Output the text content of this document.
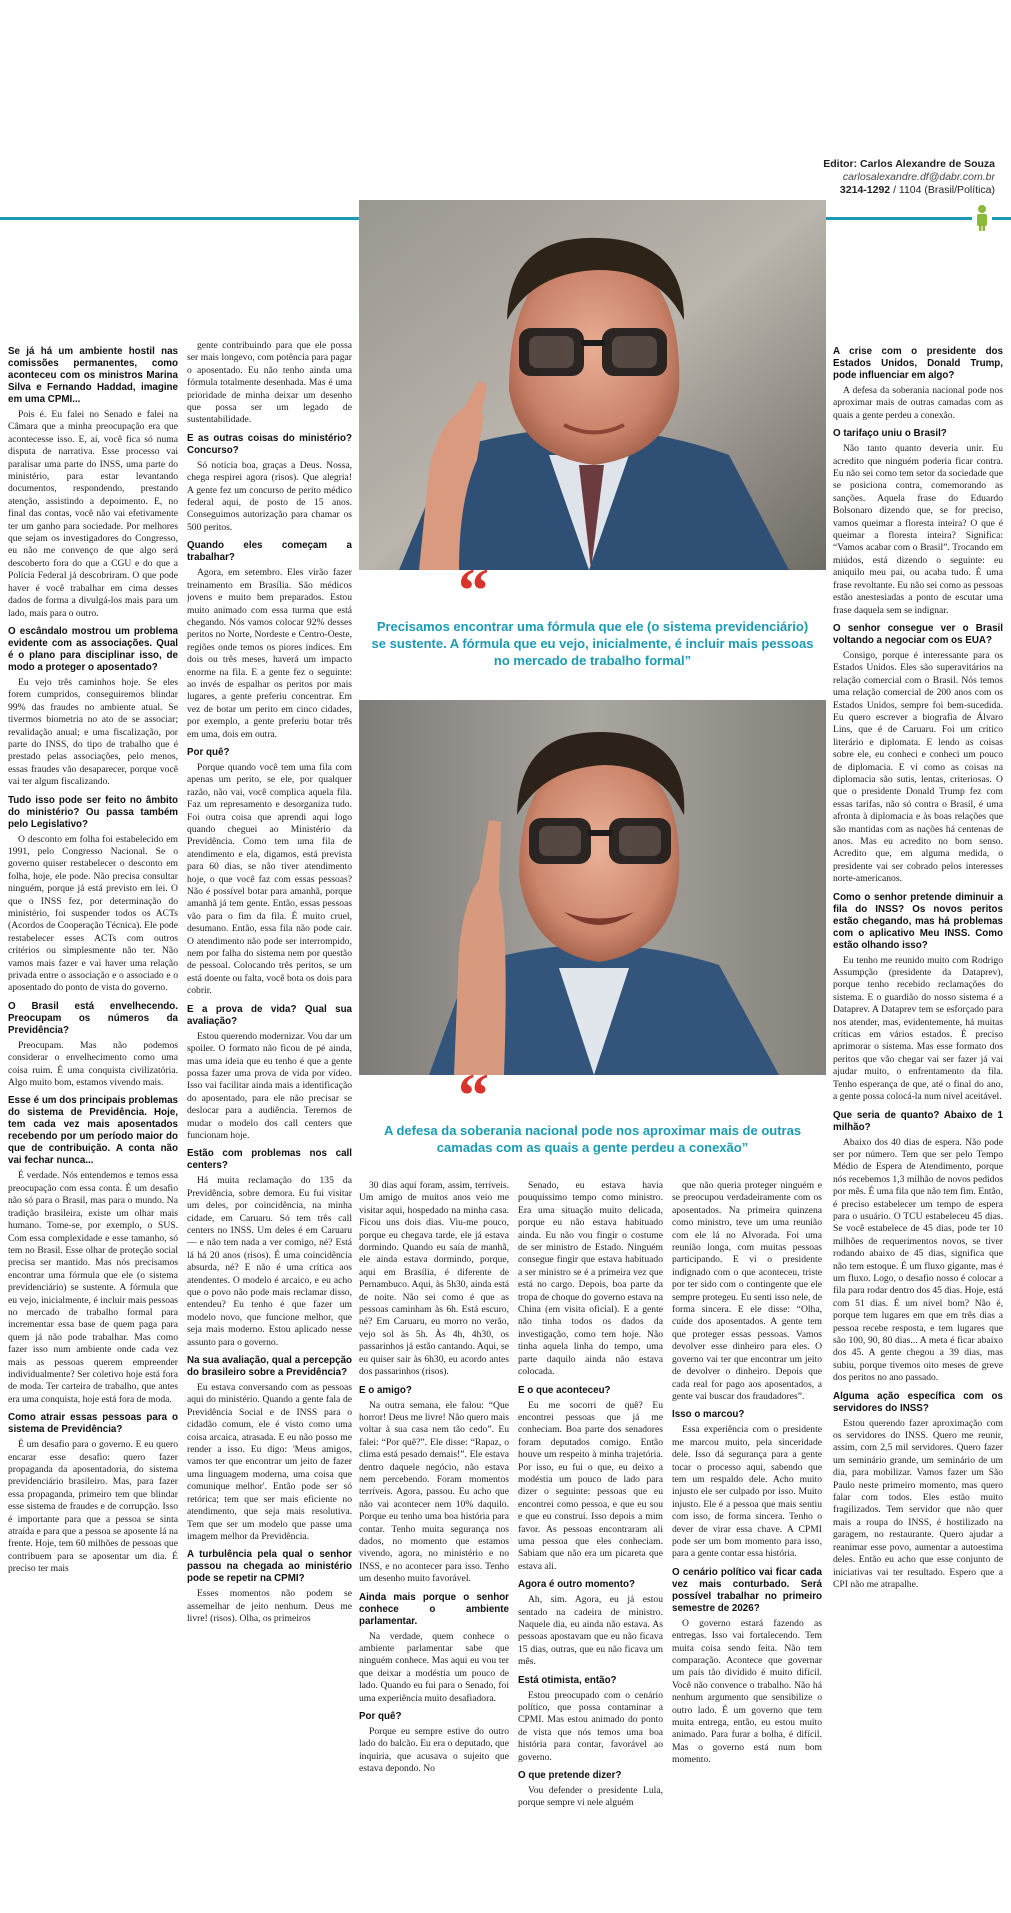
Editor: Carlos Alexandre de Souza
carlosalexandre.df@dabr.com.br
3214-1292 / 1104 (Brasil/Política)
“
Precisamos encontrar uma fórmula que ele (o sistema previdenciário) se sustente. A fórmula que eu vejo, inicialmente, é incluir mais pessoas no mercado de trabalho formal”
“
A defesa da soberania nacional pode nos aproximar mais de outras camadas com as quais a gente perdeu a conexão”
Se já há um ambiente hostil nas comissões permanentes, como aconteceu com os ministros Marina Silva e Fernando Haddad, imagine em uma CPMI...

Pois é. Eu falei no Senado e falei na Câmara que a minha preocupação era que acontecesse isso. E, aí, você fica só numa disputa de narrativa. Esse processo vai paralisar uma parte do INSS, uma parte do ministério, para estar levantando documentos, respondendo, prestando atenção, assistindo a depoimento. E, no final das contas, você não vai efetivamente ter um ganho para sociedade. Por melhores que sejam os investigadores do Congresso, eu não me convenço de que algo será descoberto fora do que a CGU e do que a Polícia Federal já descobriram. O que pode haver é você trabalhar em cima desses dados de forma a divulgá-los mais para um lado, mais para o outro.

O escândalo mostrou um problema evidente com as associações. Qual é o plano para disciplinar isso, de modo a proteger o aposentado?

Eu vejo três caminhos hoje. Se eles forem cumpridos, conseguiremos blindar 99% das fraudes no ambiente atual. Se tivermos biometria no ato de se associar; revalidação anual; e uma fiscalização, por parte do INSS, do tipo de trabalho que é prestado pelas associações, pelo menos, essas fraudes vão desaparecer, porque você vai ter algum fiscalizando.

Tudo isso pode ser feito no âmbito do ministério? Ou passa também pelo Legislativo?

O desconto em folha foi estabelecido em 1991, pelo Congresso Nacional. Se o governo quiser restabelecer o desconto em folha, hoje, ele pode. Não precisa consultar ninguém, porque já está previsto em lei. O que o INSS fez, por determinação do ministério, foi suspender todos os ACTs (Acordos de Cooperação Técnica). Ele pode restabelecer esses ACTs com outros critérios ou simplesmente não ter. Não vamos mais fazer e vai haver uma relação privada entre o associação e o associado e o aposentado do ponto de vista do governo.

O Brasil está envelhecendo. Preocupam os números da Previdência?

Preocupam. Mas não podemos considerar o envelhecimento como uma coisa ruim. É uma conquista civilizatória. Algo muito bom, estamos vivendo mais.

Esse é um dos principais problemas do sistema de Previdência. Hoje, tem cada vez mais aposentados recebendo por um período maior do que de contribuição. A conta não vai fechar nunca...

É verdade. Nós entendemos e temos essa preocupação com essa conta. É um desafio não só para o Brasil, mas para o mundo. Na tradição brasileira, existe um olhar mais humano. Tome-se, por exemplo, o SUS. Com essa complexidade e esse tamanho, só tem no Brasil. Esse olhar de proteção social precisa ser mantido. Mas nós precisamos encontrar uma fórmula que ele (o sistema previdenciário) se sustente. A fórmula que eu vejo, inicialmente, é incluir mais pessoas no mercado de trabalho formal para incrementar essa base de quem paga para quem já não pode trabalhar. Mas como fazer isso num ambiente onde cada vez mais as pessoas querem empreender individualmente? Ser coletivo hoje está fora de moda. Ter carteira de trabalho, que antes era uma conquista, hoje está fora de moda.

Como atrair essas pessoas para o sistema de Previdência?

É um desafio para o governo. E eu quero encarar esse desafio: quero fazer propaganda da aposentadoria, do sistema previdenciário brasileiro. Mas, para fazer essa propaganda, primeiro tem que blindar esse sistema de fraudes e de corrupção. Isso é importante para que a pessoa se sinta atraída e para que a pessoa se aposente lá na frente. Hoje, tem 60 milhões de pessoas que contribuem para se aposentar um dia. É preciso ter mais

gente contribuindo para que ele possa ser mais longevo, com potência para pagar o aposentado. Eu não tenho ainda uma fórmula totalmente desenhada. Mas é uma prioridade de minha deixar um desenho que possa ser um legado de sustentabilidade.

E as outras coisas do ministério? Concurso?

Só notícia boa, graças a Deus. Nossa, chega respirei agora (risos). Que alegria! A gente fez um concurso de perito médico federal aqui, de posto de 15 anos. Conseguimos autorização para chamar os 500 peritos.

Quando eles começam a trabalhar?

Agora, em setembro. Eles virão fazer treinamento em Brasília. São médicos jovens e muito bem preparados. Estou muito animado com essa turma que está chegando. Nós vamos colocar 92% desses peritos no Norte, Nordeste e Centro-Oeste, regiões onde temos os piores índices. Em dois ou três meses, haverá um impacto enorme na fila. E a gente fez o seguinte: ao invés de espalhar os peritos por mais lugares, a gente preferiu concentrar. Em vez de botar um perito em cinco cidades, por exemplo, a gente preferiu botar três em uma, dois em outra.

Por quê?

Porque quando você tem uma fila com apenas um perito, se ele, por qualquer razão, não vai, você complica aquela fila. Faz um represamento e desorganiza tudo. Foi outra coisa que aprendi aqui logo quando cheguei ao Ministério da Previdência. Como tem uma fila de atendimento e ela, digamos, está prevista para 60 dias, se não tiver atendimento hoje, o que você faz com essas pessoas? Não é possível botar para amanhã, porque amanhã já tem gente. Então, essas pessoas vão para o fim da fila. É muito cruel, desumano. Então, essa fila não pode cair. O atendimento não pode ser interrompido, nem por falha do sistema nem por questão de pessoal. Colocando três peritos, se um está doente ou falta, você bota os dois para cobrir.

E a prova de vida? Qual sua avaliação?

Estou querendo modernizar. Vou dar um spoiler. O formato não ficou de pé ainda, mas uma ideia que eu tenho é que a gente possa fazer uma prova de vida por vídeo. Isso vai facilitar ainda mais a identificação do aposentado, para ele não precisar se deslocar para a audiência. Teremos de mudar o modelo dos call centers que funcionam hoje.

Estão com problemas nos call centers?

Há muita reclamação do 135 da Previdência, sobre demora. Eu fui visitar um deles, por coincidência, na minha cidade, em Caruaru. Só tem três call centers no INSS. Um deles é em Caruaru — e não tem nada a ver comigo, né? Está lá há 20 anos (risos). É uma coincidência absurda, né? E não é uma crítica aos atendentes. O modelo é arcaico, e eu acho que o povo não pode mais reclamar disso, entendeu? Eu tenho é que fazer um modelo novo, que funcione melhor, que seja mais moderno. Estou aplicado nesse assunto para o governo.

Na sua avaliação, qual a percepção do brasileiro sobre a Previdência?

Eu estava conversando com as pessoas aqui do ministério. Quando a gente fala de Previdência Social e de INSS para o cidadão comum, ele é visto como uma coisa arcaica, atrasada. E eu não posso me render a isso. Eu digo: 'Meus amigos, vamos ter que encontrar um jeito de fazer uma linguagem moderna, uma coisa que comunique melhor'. Então pode ser só retórica; tem que ser mais eficiente no atendimento, que seja mais resolutiva. Tem que ser um modelo que passe uma imagem melhor da Previdência.

A turbulência pela qual o senhor passou na chegada ao ministério pode se repetir na CPMI?

Esses momentos não podem se assemelhar de jeito nenhum. Deus me livre! (risos). Olha, os primeiros

30 dias aqui foram, assim, terríveis. Um amigo de muitos anos veio me visitar aqui, hospedado na minha casa. Ficou uns dois dias. Viu-me pouco, porque eu chegava tarde, ele já estava dormindo. Quando eu saía de manhã, ele ainda estava dormindo, porque, aqui em Brasília, é diferente de Pernambuco. Aqui, às 5h30, ainda está de noite. Não sei como é que as pessoas caminham às 6h. Está escuro, né? Em Caruaru, eu morro no verão, vejo sol às 5h. Às 4h, 4h30, os passarinhos já estão cantando. Aqui, se eu quiser sair às 6h30, eu acordo antes dos passarinhos (risos).

E o amigo?

Na outra semana, ele falou: “Que horror! Deus me livre! Não quero mais voltar à sua casa nem tão cedo”. Eu falei: “Por quê?”. Ele disse: “Rapaz, o clima está pesado demais!”. Ele estava dentro daquele negócio, não estava nem percebendo. Foram momentos terríveis. Agora, passou. Eu acho que não vai acontecer nem 10% daquilo. Porque eu tenho uma boa história para contar. Tenho muita segurança nos dados, no momento que estamos vivendo, agora, no ministério e no INSS, e no acontecer para isso. Tenho um desenho muito favorável.

Ainda mais porque o senhor conhece o ambiente parlamentar.

Na verdade, quem conhece o ambiente parlamentar sabe que ninguém conhece. Mas aqui eu vou ter que deixar a modéstia um pouco de lado. Quando eu fui para o Senado, foi uma experiência muito desafiadora.

Por quê?

Porque eu sempre estive do outro lado do balcão. Eu era o deputado, que inquiria, que acusava o sujeito que estava depondo. No

Senado, eu estava havia pouquíssimo tempo como ministro. Era uma situação muito delicada, porque eu não estava habituado ainda. Eu não vou fingir o costume de ser ministro de Estado. Ninguém consegue fingir que estava habituado a ser ministro se é a primeira vez que está no cargo. Depois, boa parte da tropa de choque do governo estava na China (em visita oficial). E a gente não tinha todos os dados da investigação, como tem hoje. Não tinha aquela linha do tempo, uma parte daquilo ainda não estava colocada.

E o que aconteceu?

Eu me socorri de quê? Eu encontrei pessoas que já me conheciam. Boa parte dos senadores foram deputados comigo. Então houve um respeito à minha trajetória. Por isso, eu fui o que, eu deixo a modéstia um pouco de lado para dizer o seguinte: pessoas que eu encontrei como pessoa, e que eu sou e que eu construí. Isso depois a mim favor. As pessoas encontraram ali uma pessoa que eles conheciam. Sabiam que não era um picareta que estava ali.

Agora é outro momento?

Ah, sim. Agora, eu já estou sentado na cadeira de ministro. Naquele dia, eu ainda não estava. As pessoas apostavam que eu não ficava 15 dias, outras, que eu não ficava um mês.

Está otimista, então?

Estou preocupado com o cenário político, que possa contaminar a CPMI. Mas estou animado do ponto de vista que nós temos uma boa história para contar, favorável ao governo.

O que pretende dizer?

Vou defender o presidente Lula, porque sempre vi nele alguém

que não queria proteger ninguém e se preocupou verdadeiramente com os aposentados. Na primeira quinzena como ministro, teve um uma reunião com ele lá no Alvorada. Foi uma reunião longa, com muitas pessoas participando. E vi o presidente indignado com o que aconteceu, triste por ter sido com o contingente que ele sempre protegeu. Eu senti isso nele, de forma sincera. E ele disse: “Olha, cuide dos aposentados. A gente tem que proteger essas pessoas. Vamos devolver esse dinheiro para eles. O governo vai ter que encontrar um jeito de devolver o dinheiro. Depois que cada real for pago aos aposentados, a gente vai buscar dos fraudadores”.

Isso o marcou?

Essa experiência com o presidente me marcou muito, pela sinceridade dele. Isso dá segurança para a gente tocar o processo aqui, sabendo que tem um respaldo dele. Acho muito injusto ele ser culpado por isso. Muito injusto. Ele é a pessoa que mais sentiu com isso, de forma sincera. Tenho o dever de virar essa chave. A CPMI pode ser um bom momento para isso, para a gente contar essa história.

O cenário político vai ficar cada vez mais conturbado. Será possível trabalhar no primeiro semestre de 2026?

O governo estará fazendo as entregas. Isso vai fortalecendo. Tem muita coisa sendo feita. Não tem comparação. Acontece que governar um país tão dividido é muito difícil. Você não convence o trabalho. Não há nenhum argumento que sensibilize o outro lado. É um governo que tem muita entrega, então, eu estou muito animado. Para furar a bolha, é difícil. Mas o governo está num bom momento.

A crise com o presidente dos Estados Unidos, Donald Trump, pode influenciar em algo?

A defesa da soberania nacional pode nos aproximar mais de outras camadas com as quais a gente perdeu a conexão.

O tarifaço uniu o Brasil?

Não tanto quanto deveria unir. Eu acredito que ninguém poderia ficar contra. Eu não sei como tem setor da sociedade que se posiciona contra, comemorando as sanções. Aquela frase do Eduardo Bolsonaro dizendo que, se for preciso, vamos queimar a floresta inteira? O que é queimar a floresta inteira? Significa: “Vamos acabar com o Brasil”. Trocando em miúdos, está dizendo o seguinte: eu aniquilo meu pai, ou acaba tudo. É uma frase revoltante. Eu não sei como as pessoas estão anestesiadas a ponto de escutar uma frase daquela sem se indignar.

O senhor consegue ver o Brasil voltando a negociar com os EUA?

Consigo, porque é interessante para os Estados Unidos. Eles são superavitários na relação comercial com o Brasil. Nós temos uma relação comercial de 200 anos com os Estados Unidos, sempre foi bem-sucedida. Eu quero escrever a biografia de Álvaro Lins, que é de Caruaru. Foi um crítico literário e diplomata. E lendo as coisas sobre ele, eu conheci e conheci um pouco de diplomacia. E vi como as coisas na diplomacia são sutis, lentas, criteriosas. O que o presidente Donald Trump fez com essas tarifas, não só contra o Brasil, é uma afronta à diplomacia e às boas relações que são mantidas com as nações há centenas de anos. Mas eu acredito no bom senso. Acredito que, em alguma medida, o presidente vai ser cobrado pelos interesses norte-americanos.

Como o senhor pretende diminuir a fila do INSS? Os novos peritos estão chegando, mas há problemas com o aplicativo Meu INSS. Como estão olhando isso?

Eu tenho me reunido muito com Rodrigo Assumpção (presidente da Dataprev), porque tenho recebido reclamações do sistema. E o guardião do nosso sistema é a Dataprev. A Dataprev tem se esforçado para nos atender, mas, evidentemente, há muitas críticas em vários estados. É preciso aprimorar o sistema. Mas esse formato dos peritos que vão chegar vai ser fazer já vai ajudar muito, o enfrentamento da fila. Tenho esperança de que, até o final do ano, a gente possa colocá-la num nível aceitável.

Que seria de quanto? Abaixo de 1 milhão?

Abaixo dos 40 dias de espera. Não pode ser por número. Tem que ser pelo Tempo Médio de Espera de Atendimento, porque nós recebemos 1,3 milhão de novos pedidos por mês. É uma fila que não tem fim. Então, é preciso estabelecer um tempo de espera para o usuário. O TCU estabeleceu 45 dias. Se você estabelece de 45 dias, pode ter 10 milhões de requerimentos novos, se tiver rodando abaixo de 45 dias, significa que não tem estoque. É um fluxo gigante, mas é um fluxo. Logo, o desafio nosso é colocar a fila para rodar dentro dos 45 dias. Hoje, está com 51 dias. É um nível bom? Não é, porque tem lugares em que em três dias a pessoa recebe resposta, e tem lugares que são 100, 90, 80 dias... A meta é ficar abaixo dos 45. A gente chegou a 39 dias, mas subiu, porque tivemos oito meses de greve dos peritos no ano passado.

Alguma ação específica com os servidores do INSS?

Estou querendo fazer aproximação com os servidores do INSS. Quero me reunir, assim, com 2,5 mil servidores. Quero fazer um seminário grande, um seminário de um dia, para mobilizar. Vamos fazer um São Paulo neste primeiro momento, mas quero falar com todos. Eles estão muito fragilizados. Tem servidor que não quer mais a roupa do INSS, é hostilizado na garagem, no restaurante. Quero ajudar a reanimar esse povo, aumentar a autoestima deles. Então eu acho que esse conjunto de iniciativas vai ter resultado. Espero que a CPI não me atrapalhe.
